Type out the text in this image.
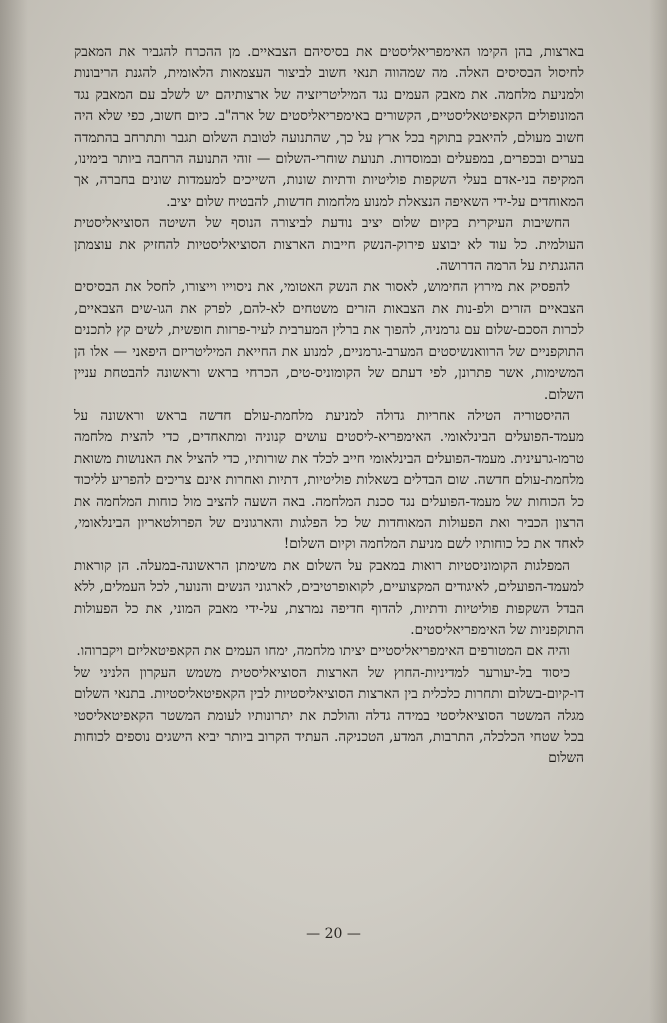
בארצות, בהן הקימו האימפריאליסטים את בסיסיהם הצבאיים. מן ההכרח להגביר את המאבק לחיסול הבסיסים האלה. מה שמהווה תנאי חשוב לביצור העצמאות הלאומית, להגנת הריבונות ולמניעת מלחמה. את מאבק העמים נגד המיליטריזציה של ארצותיהם יש לשלב עם המאבק נגד המונופולים הקאפיטאליסטיים, הקשורים באימפריאליסטים של ארה"ב. כיום חשוב, כפי שלא היה חשוב מעולם, להיאבק בתוקף בכל ארץ על כך, שהתנועה לטובת השלום תגבר ותתרחב בהתמדה בערים ובכפרים, במפעלים ובמוסדות. תנועת שוחרי-השלום — זוהי התנועה הרחבה ביותר בימינו, המקיפה בני-אדם בעלי השקפות פוליטיות ודתיות שונות, השייכים למעמדות שונים בחברה, אך המאוחדים על-ידי השאיפה הנצאלת למנוע מלחמות חדשות, להבטיח שלום יציב.

החשיבות העיקרית בקיום שלום יציב נודעת לביצורה הנוסף של השיטה הסוציאליסטית העולמית. כל עוד לא יבוצע פירוק-הנשק חייבות הארצות הסוציאליסטיות להחזיק את עוצמתן ההגנתית על הרמה הדרושה.

להפסיק את מירוץ החימוש, לאסור את הנשק האטומי, את ניסוייו וייצורו, לחסל את הבסיסים הצבאיים הזרים ולפ-נות את הצבאות הזרים משטחים לא-להם, לפרק את הגו-שים הצבאיים, לכרות הסכם-שלום עם גרמניה, להפוך את ברלין המערבית לעיר-פרזות חופשית, לשים קץ לתכנים התוקפניים של הרוואנשיסטים המערב-גרמניים, למנוע את החייאת המיליטריזם היפאני — אלו הן המשימות, אשר פתרונן, לפי דעתם של הקומוניס-טים, הכרחי בראש וראשונה להבטחת עניין השלום.

ההיסטוריה הטילה אחריות גדולה למניעת מלחמת-עולם חדשה בראש וראשונה על מעמד-הפועלים הבינלאומי. האימפריא-ליסטים עושים קנוניה ומתאחדים, כדי להצית מלחמה טרמו-גרעינית. מעמד-הפועלים הבינלאומי חייב לכלד את שורותיו, כדי להציל את האנושות משואת מלחמת-עולם חדשה. שום הבדלים בשאלות פוליטיות, דתיות ואחרות אינם צריכים להפריע לליכוד כל הכוחות של מעמד-הפועלים נגד סכנת המלחמה. באה השעה להציב מול כוחות המלחמה את הרצון הכביר ואת הפעולות המאוחדות של כל הפלגות והארגונים של הפרולטאריון הבינלאומי, לאחד את כל כוחותיו לשם מניעת המלחמה וקיום השלום!

המפלגות הקומוניסטיות רואות במאבק על השלום את משימתן הראשונה-במעלה. הן קוראות למעמד-הפועלים, לאיגודים המקצועיים, לקואופרטיבים, לארגוני הנשים והנוער, לכל העמלים, ללא הבדל השקפות פוליטיות ודתיות, להדוף חדיפה נמרצת, על-ידי מאבק המוני, את כל הפעולות התוקפניות של האימפריאליסטים.

והיה אם המטורפים האימפריאליסטיים יציתו מלחמה, ימחו העמים את הקאפיטאליזם ויקברוהו.

כיסוד בל-יעורער למדיניות-החוץ של הארצות הסוציאליסטית משמש העקרון הלניני של דו-קיום-בשלום ותחרות כלכלית בין הארצות הסוציאליסטיות לבין הקאפיטאליסטיות. בתנאי השלום מגלה המשטר הסוציאליסטי במידה גדלה והולכת את יתרונותיו לעומת המשטר הקאפיטאליסטי בכל שטחי הכלכלה, התרבות, המדע, הטכניקה. העתיד הקרוב ביותר יביא הישגים נוספים לכוחות השלום

— 20 —
